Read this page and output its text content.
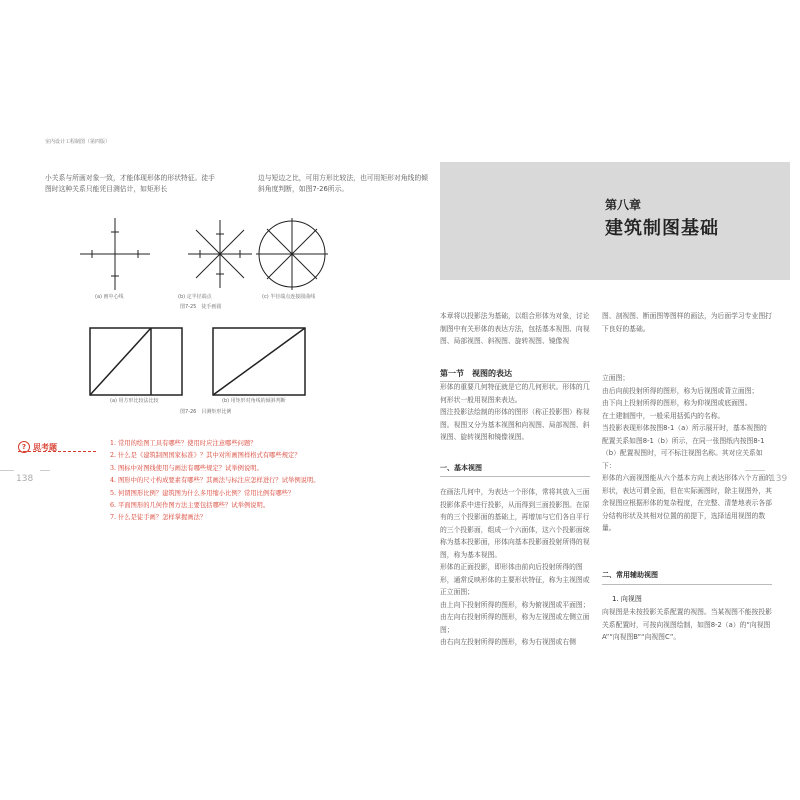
室内设计工程制图（第四版）
小关系与所画对象一致，才能体现形体的形状特征。徒手图时这种关系只能凭目测估计，如矩形长
边与短边之比，可用方形比较法，也可用矩形对角线的倾斜角度判断，如图7-26所示。
(a) 画中心线	(b) 定半径端点	(c) 半径端点连接圆曲线
图7-25　徒手画圆
(a) 用方形比较法比较	(b) 用矩形对角线的倾斜判断
图7-26　目测矩形比例
? 思考题	1. 常用的绘图工具有哪些？使用时应注意哪些问题？
2. 什么是《建筑制图国家标准》？其中对所画图样格式有哪些规定？
3. 图标中对图线使用与画法有哪些规定？试举例说明。
4. 图形中的尺寸构成要素有哪些？其画法与标注应怎样进行？试举例说明。
5. 何谓图形比例？建筑图为什么多用缩小比例？常用比例有哪些？
6. 平面图形的几何作图方法主要包括哪些？试举例说明。
7. 什么是徒手画？怎样掌握画法？
138
第八章
建筑制图基础
本章将以投影法为基础，以组合形体为对象，讨论制图中有关形体的表达方法，包括基本视图、向视图、局部视图、斜视图、旋转视图、镜像视
图、剖视图、断面图等图样的画法，为后面学习专业图打下良好的基础。
第一节　视图的表达
形体的重要几何特征就是它的几何形状。形体的几何形状一般用视图来表达。
图注投影法绘制的形体的图形（称正投影图）称视图。视图又分为基本视图和向视图、局部视图、斜视图、旋转视图和镜像视图。
一、基本视图
在画法几何中，为表达一个形体，常将其放入三面投影体系中进行投影，从而得到三面投影图。在原有的三个投影面的基础上，再增加与它们各自平行的三个投影面，组成一个六面体，这六个投影面统称为基本投影面，形体向基本投影面投射所得的视图，称为基本视图。
形体的正面投影，即形体由前向后投射所得的图形，通常反映形体的主要形状特征，称为主视图或正立面图；
由上向下投射所得的图形，称为俯视图或平面图；
由左向右投射所得的图形，称为左视图或左侧立面图；
由右向左投射所得的图形，称为右视图或右侧
立面图；
由后向前投射所得的图形，称为后视图或背立面图；
由下向上投射所得的图形，称为仰视图或底面图。
在土建制图中，一般采用括弧内的名称。
当投影表现形体按图8-1（a）所示展开时，基本视图的配置关系如图8-1（b）所示，在同一张图纸内按图8-1（b）配置视图时，可不标注视图名称。其对应关系如下：
形体的六面视图能从六个基本方向上表达形体六个方面的形状，表达可谓全面，但在实际画图时，除主视图外，其余视图应根据形体的复杂程度，在完整、清楚地表示各部分结构形状及其相对位置的前提下，选择适用视图的数量。
二、常用辅助视图
1. 向视图
向视图是未按投影关系配置的视图。当某视图不能按投影关系配置时，可按向视图绘制，如图8-2（a）的“向视图A”“向视图B”“向视图C”。
139
